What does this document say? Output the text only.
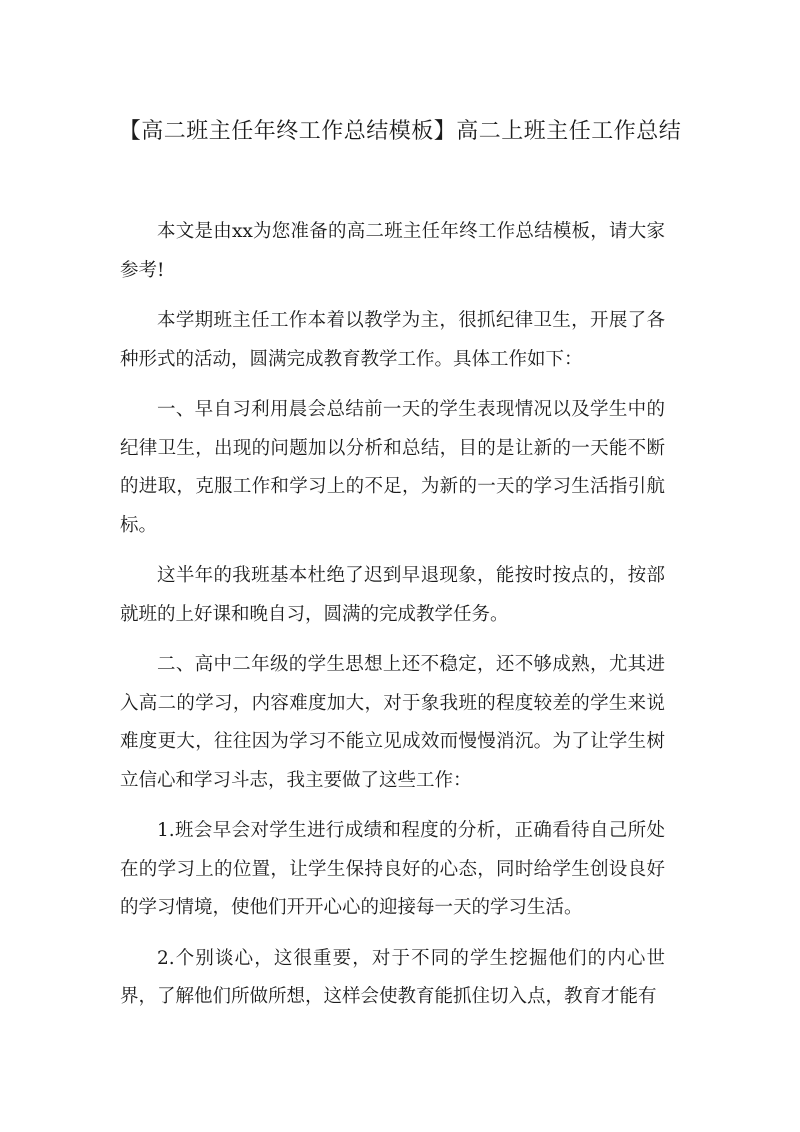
【高二班主任年终工作总结模板】高二上班主任工作总结

本文是由xx为您准备的高二班主任年终工作总结模板，请大家参考!

本学期班主任工作本着以教学为主，很抓纪律卫生，开展了各种形式的活动，圆满完成教育教学工作。具体工作如下：

一、早自习利用晨会总结前一天的学生表现情况以及学生中的纪律卫生，出现的问题加以分析和总结，目的是让新的一天能不断的进取，克服工作和学习上的不足，为新的一天的学习生活指引航标。

这半年的我班基本杜绝了迟到早退现象，能按时按点的，按部就班的上好课和晚自习，圆满的完成教学任务。

二、高中二年级的学生思想上还不稳定，还不够成熟，尤其进入高二的学习，内容难度加大，对于象我班的程度较差的学生来说难度更大，往往因为学习不能立见成效而慢慢消沉。为了让学生树立信心和学习斗志，我主要做了这些工作：

1.班会早会对学生进行成绩和程度的分析，正确看待自己所处在的学习上的位置，让学生保持良好的心态，同时给学生创设良好的学习情境，使他们开开心心的迎接每一天的学习生活。

2.个别谈心，这很重要，对于不同的学生挖掘他们的内心世界，了解他们所做所想，这样会使教育能抓住切入点，教育才能有
